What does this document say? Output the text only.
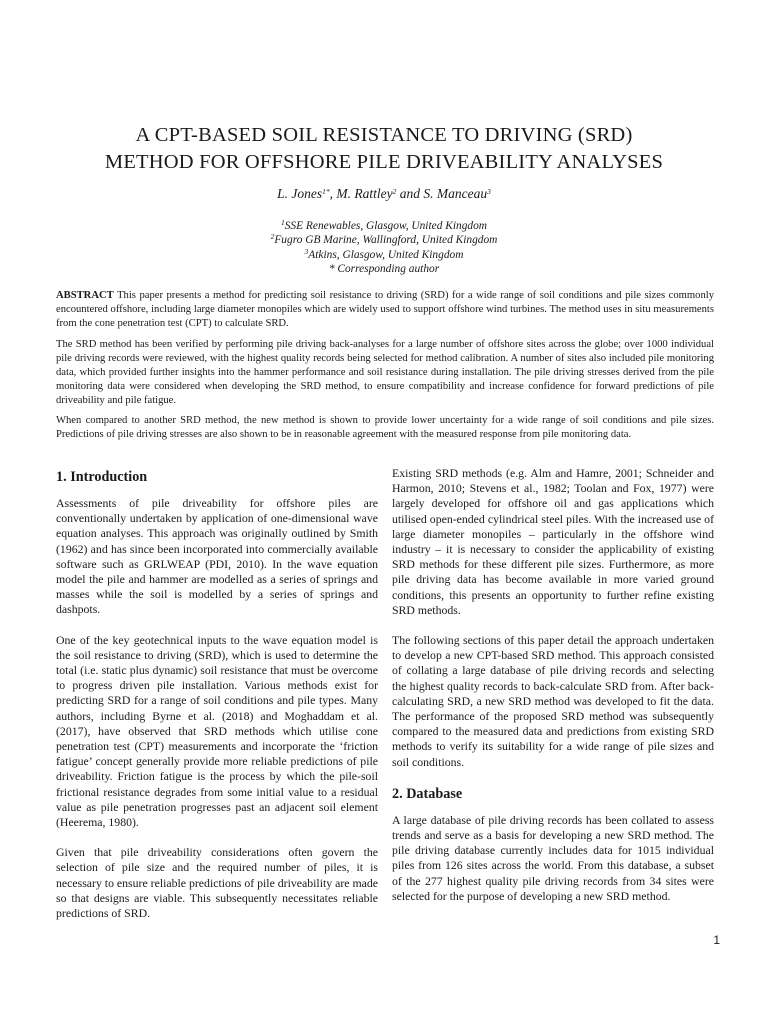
A CPT-BASED SOIL RESISTANCE TO DRIVING (SRD)
METHOD FOR OFFSHORE PILE DRIVEABILITY ANALYSES
L. Jones$^{1*}$, M. Rattley$^2$ and S. Manceau$^3$
$^1$SSE Renewables, Glasgow, United Kingdom
$^2$Fugro GB Marine, Wallingford, United Kingdom
$^3$Atkins, Glasgow, United Kingdom
* Corresponding author

ABSTRACT This paper presents a method for predicting soil resistance to driving (SRD) for a wide range of soil conditions and pile sizes commonly encountered offshore, including large diameter monopiles which are widely used to support offshore wind turbines. The method uses in situ measurements from the cone penetration test (CPT) to calculate SRD.

The SRD method has been verified by performing pile driving back-analyses for a large number of offshore sites across the globe; over 1000 individual pile driving records were reviewed, with the highest quality records being selected for method calibration. A number of sites also included pile monitoring data, which provided further insights into the hammer performance and soil resistance during installation. The pile driving stresses derived from the pile monitoring data were considered when developing the SRD method, to ensure compatibility and increase confidence for forward predictions of pile driveability and pile fatigue.

When compared to another SRD method, the new method is shown to provide lower uncertainty for a wide range of soil conditions and pile sizes. Predictions of pile driving stresses are also shown to be in reasonable agreement with the measured response from pile monitoring data.

1. Introduction

Assessments of pile driveability for offshore piles are conventionally undertaken by application of one-dimensional wave equation analyses. This approach was originally outlined by Smith (1962) and has since been incorporated into commercially available software such as GRLWEAP (PDI, 2010). In the wave equation model the pile and hammer are modelled as a series of springs and masses while the soil is modelled by a series of springs and dashpots.

One of the key geotechnical inputs to the wave equation model is the soil resistance to driving (SRD), which is used to determine the total (i.e. static plus dynamic) soil resistance that must be overcome to progress driven pile installation. Various methods exist for predicting SRD for a range of soil conditions and pile types. Many authors, including Byrne et al. (2018) and Moghaddam et al. (2017), have observed that SRD methods which utilise cone penetration test (CPT) measurements and incorporate the ‘friction fatigue’ concept generally provide more reliable predictions of pile driveability. Friction fatigue is the process by which the pile-soil frictional resistance degrades from some initial value to a residual value as pile penetration progresses past an adjacent soil element (Heerema, 1980).

Given that pile driveability considerations often govern the selection of pile size and the required number of piles, it is necessary to ensure reliable predictions of pile driveability are made so that designs are viable. This subsequently necessitates reliable predictions of SRD.

Existing SRD methods (e.g. Alm and Hamre, 2001; Schneider and Harmon, 2010; Stevens et al., 1982; Toolan and Fox, 1977) were largely developed for offshore oil and gas applications which utilised open-ended cylindrical steel piles. With the increased use of large diameter monopiles – particularly in the offshore wind industry – it is necessary to consider the applicability of existing SRD methods for these different pile sizes. Furthermore, as more pile driving data has become available in more varied ground conditions, this presents an opportunity to further refine existing SRD methods.

The following sections of this paper detail the approach undertaken to develop a new CPT-based SRD method. This approach consisted of collating a large database of pile driving records and selecting the highest quality records to back-calculate SRD from. After back-calculating SRD, a new SRD method was developed to fit the data. The performance of the proposed SRD method was subsequently compared to the measured data and predictions from existing SRD methods to verify its suitability for a wide range of pile sizes and soil conditions.

2. Database

A large database of pile driving records has been collated to assess trends and serve as a basis for developing a new SRD method. The pile driving database currently includes data for 1015 individual piles from 126 sites across the world. From this database, a subset of the 277 highest quality pile driving records from 34 sites were selected for the purpose of developing a new SRD method.

1
